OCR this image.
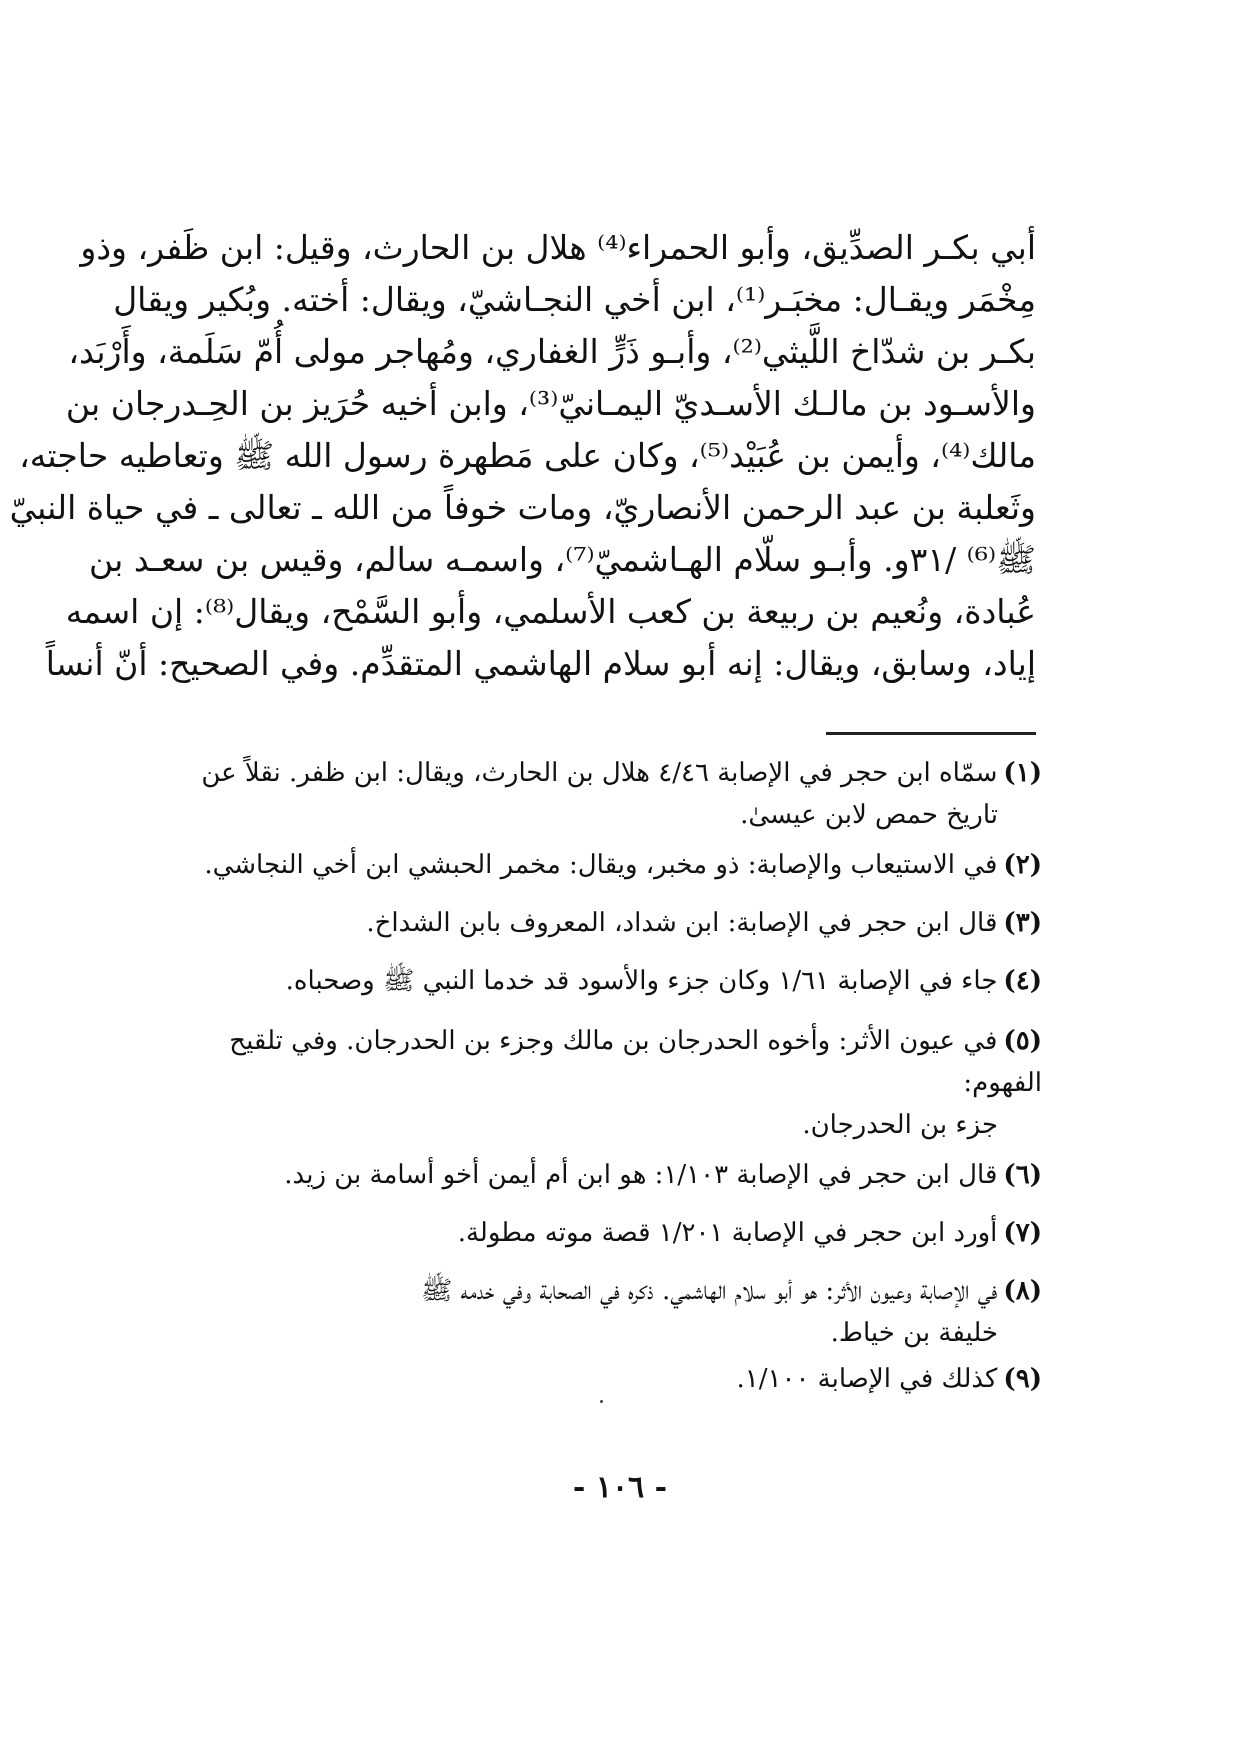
أبي بكـر الصدِّيق، وأبو الحمراء⁽⁴⁾ هلال بن الحارث، وقيل: ابن ظَفر، وذو
مِخْمَر ويقـال: مخبَـر⁽¹⁾، ابن أخي النجـاشيّ، ويقال: أخته. وبُكير ويقال
بكـر بن شدّاخ اللَّيثي⁽²⁾، وأبـو ذَرٍّ الغفاري، ومُهاجر مولى أُمّ سَلَمة، وأَرْبَد،
والأسـود بن مالـك الأسـديّ اليمـانيّ⁽³⁾، وابن أخيه حُرَيز بن الحِـدرجان بن
مالك⁽⁴⁾، وأيمن بن عُبَيْد⁽⁵⁾، وكان على مَطهرة رسول الله ﷺ وتعاطيه حاجته،
وثَعلبة بن عبد الرحمن الأنصاريّ، ومات خوفاً من الله ـ تعالى ـ في حياة النبيّ
ﷺ⁽⁶⁾ /٣١و. وأبـو سلّام الهـاشميّ⁽⁷⁾، واسمـه سالم، وقيس بن سعـد بن
عُبادة، ونُعيم بن ربيعة بن كعب الأسلمي، وأبو السَّمْح، ويقال⁽⁸⁾: إن اسمه
إياد، وسابق، ويقال: إنه أبو سلام الهاشمي المتقدِّم. وفي الصحيح: أنّ أنساً
(١)سمّاه ابن حجر في الإصابة ٤/٤٦ هلال بن الحارث، ويقال: ابن ظفر. نقلاً عن
تاريخ حمص لابن عيسىٰ.
(٢)في الاستيعاب والإصابة: ذو مخبر، ويقال: مخمر الحبشي ابن أخي النجاشي.
(٣)قال ابن حجر في الإصابة: ابن شداد، المعروف بابن الشداخ.
(٤)جاء في الإصابة ١/٦١ وكان جزء والأسود قد خدما النبي ﷺ وصحباه.
(٥)في عيون الأثر: وأخوه الحدرجان بن مالك وجزء بن الحدرجان. وفي تلقيح الفهوم:
جزء بن الحدرجان.
(٦)قال ابن حجر في الإصابة ١/١٠٣: هو ابن أم أيمن أخو أسامة بن زيد.
(٧)أورد ابن حجر في الإصابة ١/٢٠١ قصة موته مطولة.
(٨)في الإصابة وعيون الأثر: هو أبو سلام الهاشمي. ذكره في الصحابة وفي خدمه ﷺ
خليفة بن خياط.
(٩)كذلك في الإصابة ١/١٠٠.
- ١٠٦ -
